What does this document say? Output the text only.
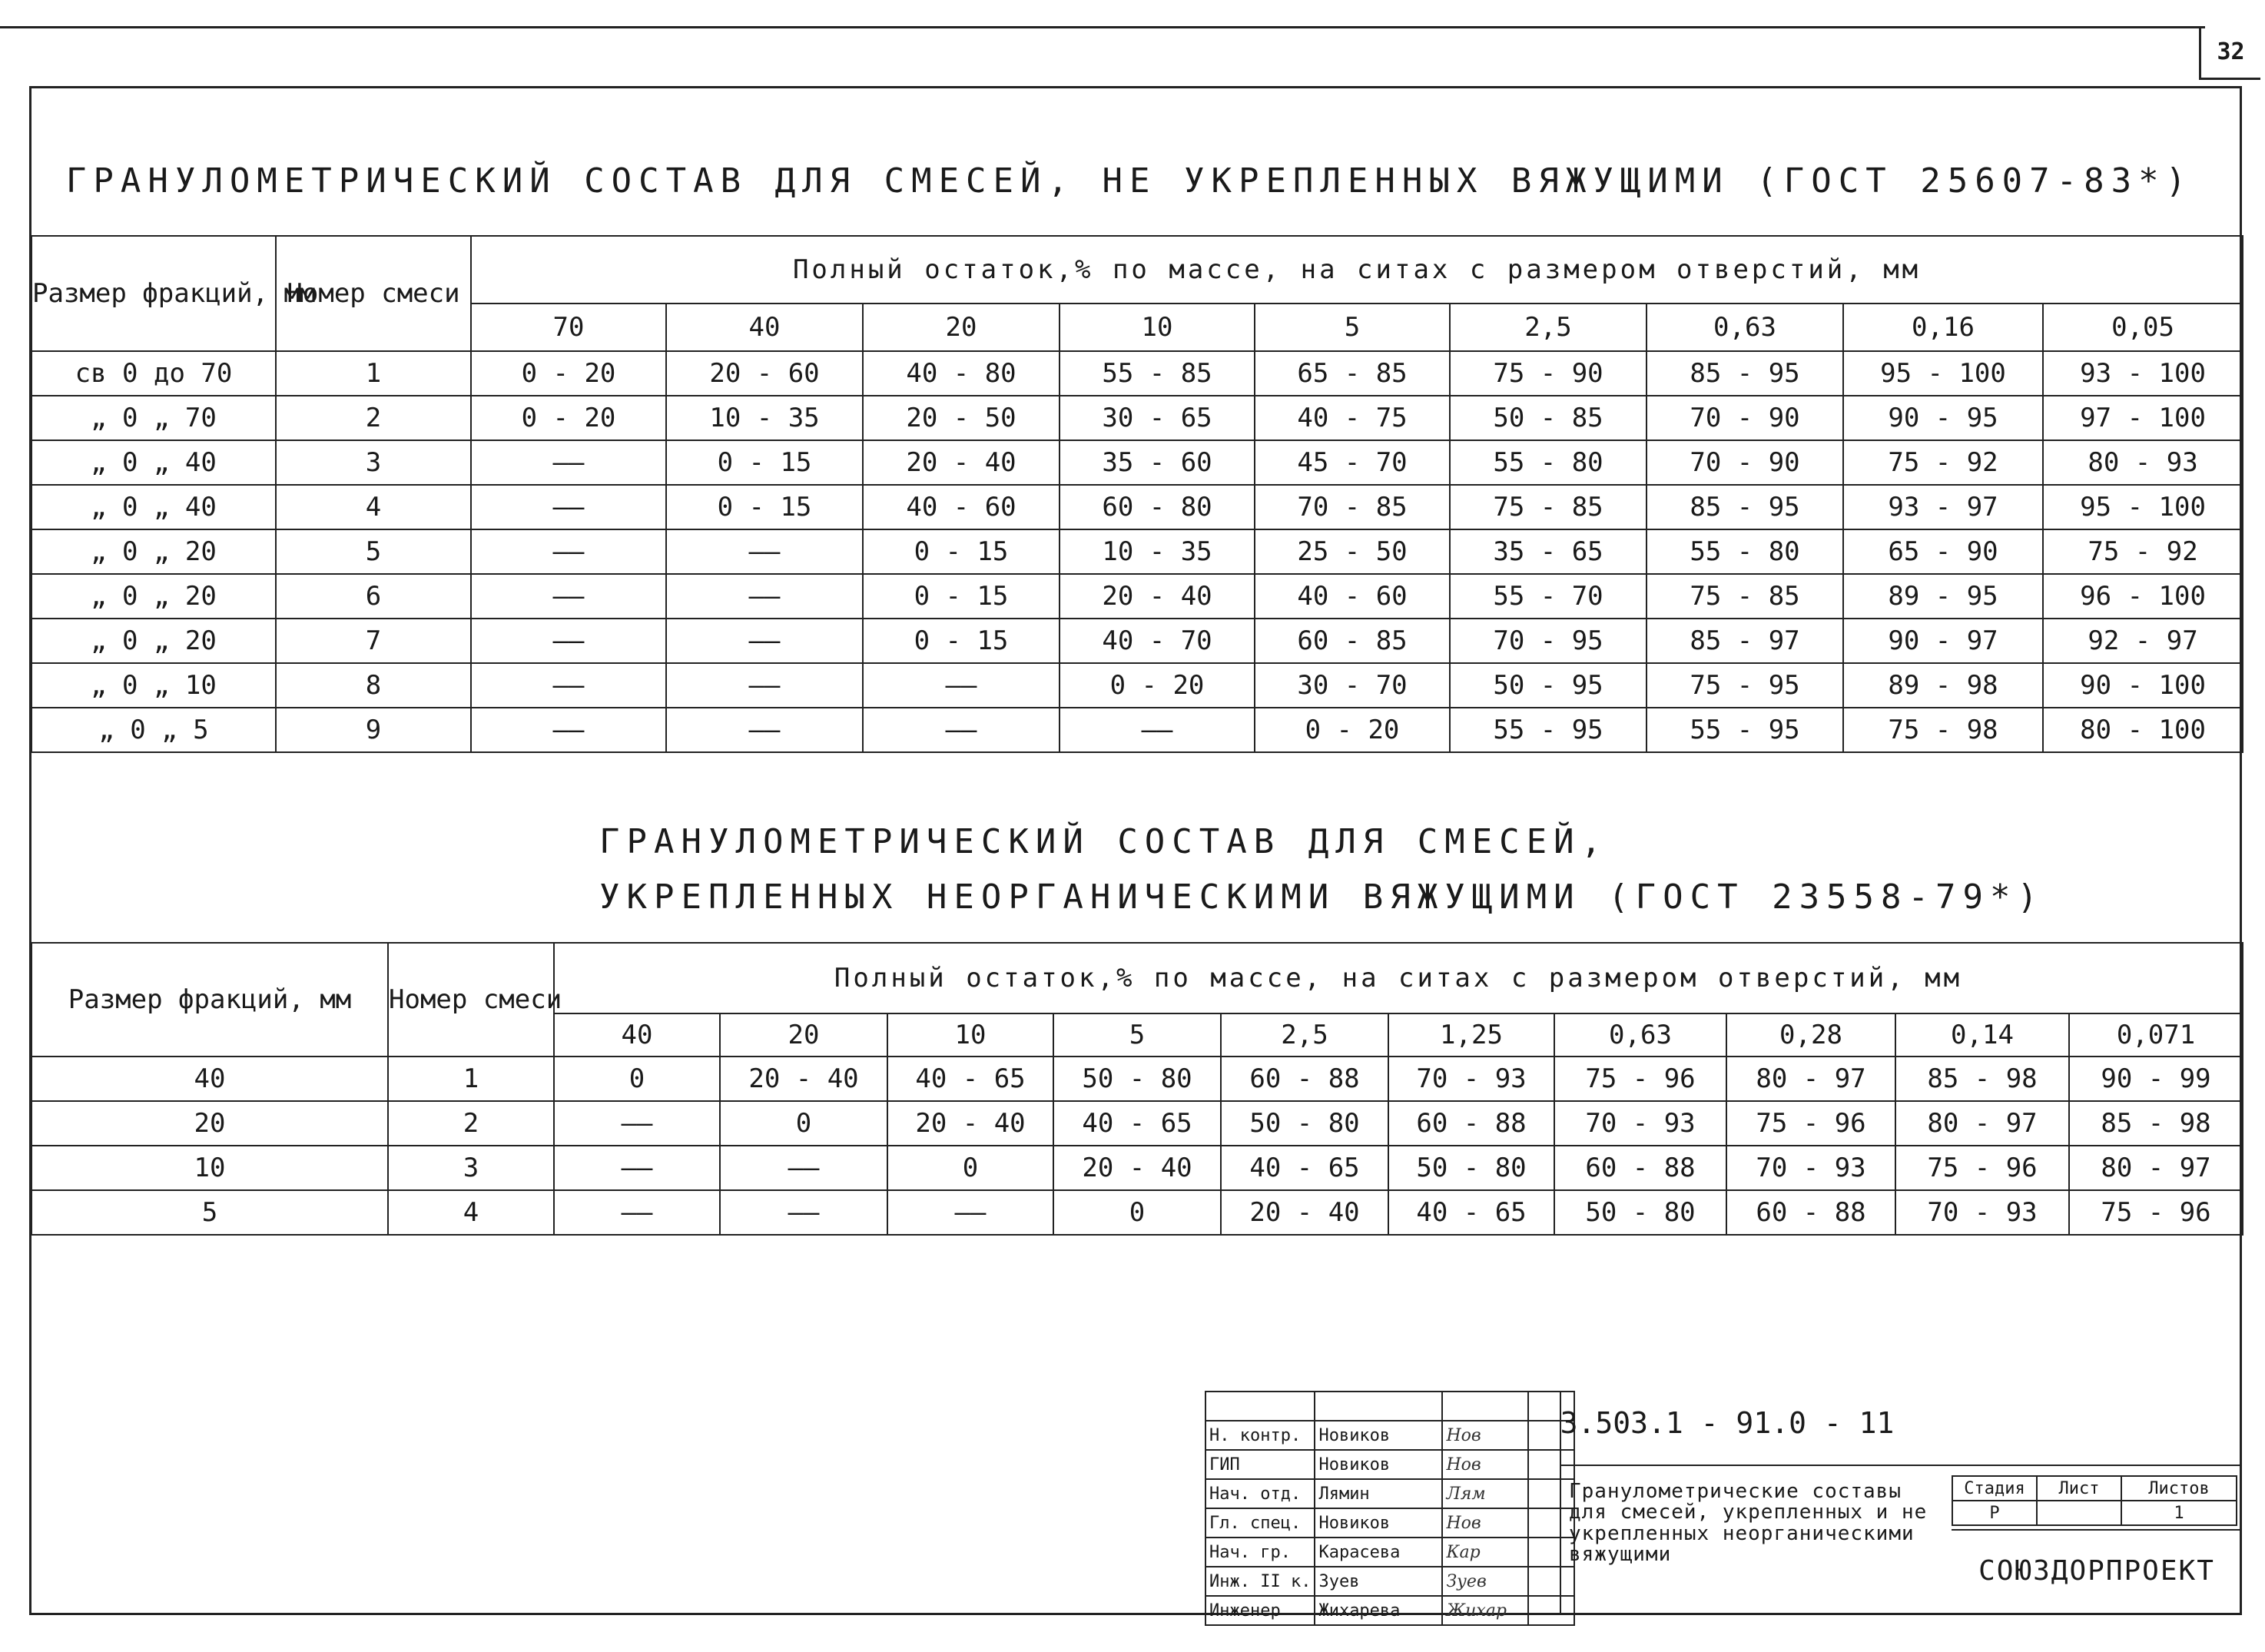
32
ГРАНУЛОМЕТРИЧЕСКИЙ СОСТАВ ДЛЯ СМЕСЕЙ, НЕ УКРЕПЛЕННЫХ ВЯЖУЩИМИ (ГОСТ 25607-83*)
Размер фракций, мм	Номер смеси	Полный остаток,% по массе, на ситах с размером отверстий, мм								
		70	40	20	10	5	2,5	0,63	0,16	0,05
св 0 до 70	1	0 - 20	20 - 60	40 - 80	55 - 85	65 - 85	75 - 90	85 - 95	95 - 100	93 - 100
„ 0 „ 70	2	0 - 20	10 - 35	20 - 50	30 - 65	40 - 75	50 - 85	70 - 90	90 - 95	97 - 100
„ 0 „ 40	3	——	0 - 15	20 - 40	35 - 60	45 - 70	55 - 80	70 - 90	75 - 92	80 - 93
„ 0 „ 40	4	——	0 - 15	40 - 60	60 - 80	70 - 85	75 - 85	85 - 95	93 - 97	95 - 100
„ 0 „ 20	5	——	——	0 - 15	10 - 35	25 - 50	35 - 65	55 - 80	65 - 90	75 - 92
„ 0 „ 20	6	——	——	0 - 15	20 - 40	40 - 60	55 - 70	75 - 85	89 - 95	96 - 100
„ 0 „ 20	7	——	——	0 - 15	40 - 70	60 - 85	70 - 95	85 - 97	90 - 97	92 - 97
„ 0 „ 10	8	——	——	——	0 - 20	30 - 70	50 - 95	75 - 95	89 - 98	90 - 100
„ 0 „ 5	9	——	——	——	——	0 - 20	55 - 95	55 - 95	75 - 98	80 - 100
ГРАНУЛОМЕТРИЧЕСКИЙ СОСТАВ ДЛЯ СМЕСЕЙ,
УКРЕПЛЕННЫХ НЕОРГАНИЧЕСКИМИ ВЯЖУЩИМИ (ГОСТ 23558-79*)
Размер фракций, мм	Номер смеси	Полный остаток,% по массе, на ситах с размером отверстий, мм									
		40	20	10	5	2,5	1,25	0,63	0,28	0,14	0,071
40	1	0	20 - 40	40 - 65	50 - 80	60 - 88	70 - 93	75 - 96	80 - 97	85 - 98	90 - 99
20	2	——	0	20 - 40	40 - 65	50 - 80	60 - 88	70 - 93	75 - 96	80 - 97	85 - 98
10	3	——	——	0	20 - 40	40 - 65	50 - 80	60 - 88	70 - 93	75 - 96	80 - 97
5	4	——	——	——	0	20 - 40	40 - 65	50 - 80	60 - 88	70 - 93	75 - 96

Н. контр.	Новиков	Нов	
ГИП	Новиков	Нов	
Нач. отд.	Лямин	Лям	
Гл. спец.	Новиков	Нов	
Нач. гр.	Карасева	Кар	
Инж. II к.	Зуев	Зуев	
Инженер	Жихарева	Жихар	
3.503.1 - 91.0 - 11
Гранулометрические составы для смесей, укрепленных и не укрепленных неорганическими вяжущими
Стадия	Лист	Листов
Р		1
СОЮЗДОРПРОЕКТ
